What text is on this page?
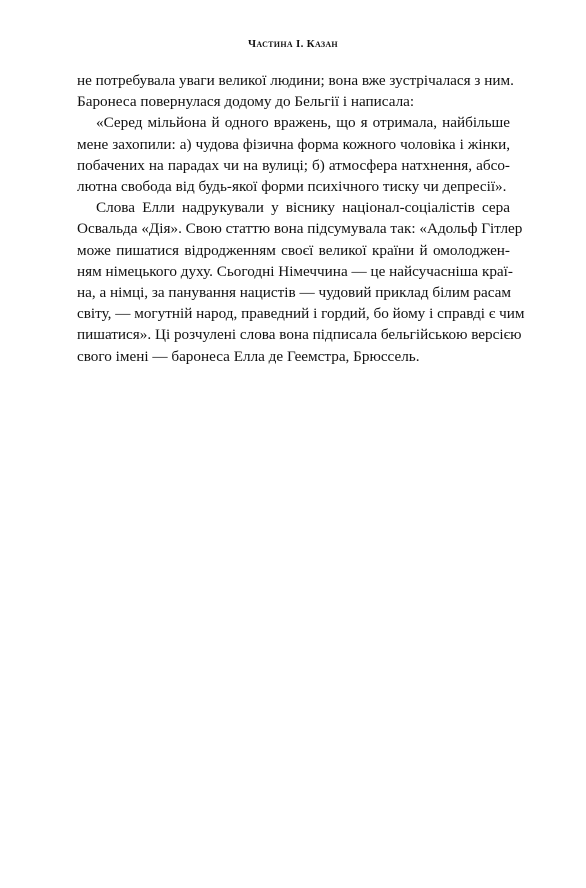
Частина І. Казан
не потребувала уваги великої людини; вона вже зустрічалася з ним.
Баронеса повернулася додому до Бельгії і написала:
«Серед мільйона й одного вражень, що я отримала, найбільше
мене захопили: а) чудова фізична форма кожного чоловіка і жінки,
побачених на парадах чи на вулиці; б) атмосфера натхнення, абсо-
лютна свобода від будь-якої форми психічного тиску чи депресії».
Слова Елли надрукували у віснику націонал-соціалістів сера
Освальда «Дія». Свою статтю вона підсумувала так: «Адольф Гітлер
може пишатися відродженням своєї великої країни й омолоджен-
ням німецького духу. Сьогодні Німеччина — це найсучасніша краї-
на, а німці, за панування нацистів — чудовий приклад білим расам
світу, — могутній народ, праведний і гордий, бо йому і справді є чим
пишатися». Ці розчулені слова вона підписала бельгійською версією
свого імені — баронеса Елла де Геемстра, Брюссель.
